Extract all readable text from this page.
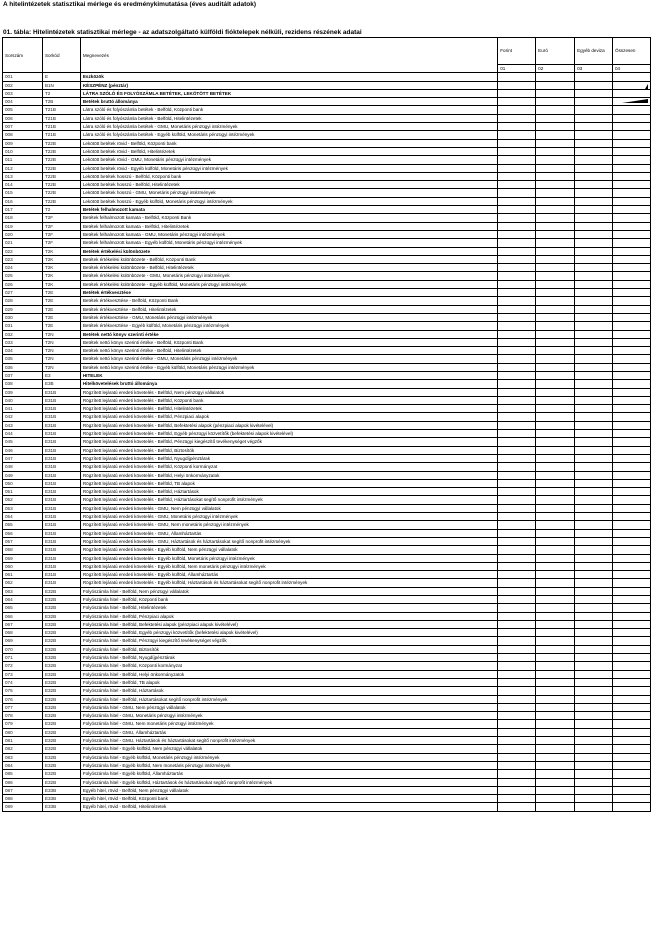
A hitelintézetek statisztikai mérlege és eredménykimutatása (éves auditált adatok)
01. tábla: Hitelintézetek statisztikai mérlege - az adatszolgáltató külföldi fióktelepek nélküli, rezidens részének adatai
Sorszám	Sorkód	Megnevezés	Forint	Euró	Egyéb deviza	Összesen
			01	02	03	04
001	E	Eszközök				
002	B1N	KÉSZPÉNZ (pénztár)				
003	T2	LÁTRA SZÓLÓ ÉS FOLYÓSZÁMLA BETÉTEK, LEKÖTÖTT BETÉTEK				
004	T2B	Betétek bruttó állománya				
005	T21B	Látra szóló és folyószámla betétek - Belföld, Központi bank				
006	T21B	Látra szóló és folyószámla betétek - Belföld, Hitelintézetek				
007	T21B	Látra szóló és folyószámla betétek - GMU, Monetáris pénzügyi intézmények				
008	T21B	Látra szóló és folyószámla betétek - Egyéb külföld, Monetáris pénzügyi intézmények				
009	T22B	Lekötött betétek rövid - Belföld, Központi bank				
010	T22B	Lekötött betétek rövid - Belföld, Hitelintézetek				
011	T22B	Lekötött betétek rövid - GMU, Monetáris pénzügyi intézmények				
012	T22B	Lekötött betétek rövid - Egyéb külföld, Monetáris pénzügyi intézmények				
013	T22B	Lekötött betétek hosszú - Belföld, Központi bank				
014	T22B	Lekötött betétek hosszú - Belföld, Hitelintézetek				
015	T22B	Lekötött betétek hosszú - GMU, Monetáris pénzügyi intézmények				
016	T22B	Lekötött betétek hosszú - Egyéb külföld, Monetáris pénzügyi intézmények				
017	T2	Betétek felhalmozott kamata				
018	T2F	Betétek felhalmozott kamata - Belföld, Központi Bank				
019	T2F	Betétek felhalmozott kamata - Belföld, Hitelintézetek				
020	T2F	Betétek felhalmozott kamata - GMU, Monetáris pénzügyi intézmények				
021	T2F	Betétek felhalmozott kamata - Egyéb külföld, Monetáris pénzügyi intézmények				
022	T2K	Betétek értékelési különbözete				
023	T2K	Betétek értékelési különbözete - Belföld, Központi Bank				
024	T2K	Betétek értékelési különbözete - Belföld, Hitelintézetek				
025	T2K	Betétek értékelési különbözete - GMU, Monetáris pénzügyi intézmények				
026	T2K	Betétek értékelési különbözete - Egyéb külföld, Monetáris pénzügyi intézmények				
027	T2E	Betétek értékvesztése				
028	T2E	Betétek értékvesztése - Belföld, Központi Bank				
029	T2E	Betétek értékvesztése - Belföld, Hitelintézetek				
030	T2E	Betétek értékvesztése - GMU, Monetáris pénzügyi intézmények				
031	T2E	Betétek értékvesztése - Egyéb külföld, Monetáris pénzügyi intézmények				
032	T2N	Betétek nettó könyv szerinti értéke				
033	T2N	Betétek nettó könyv szerinti értéke - Belföld, Központi Bank				
034	T2N	Betétek nettó könyv szerinti értéke - Belföld, Hitelintézetek				
035	T2N	Betétek nettó könyv szerinti értéke - GMU, Monetáris pénzügyi intézmények				
036	T2N	Betétek nettó könyv szerinti értéke - Egyéb külföld, Monetáris pénzügyi intézmények				
037	E3	HITELEK				
038	E3B	Hitelkövetelések bruttó állománya				
039	E31B	Rögzített lejáratú eredeti követelés - Belföld, Nem pénzügyi vállalatok				
040	E31B	Rögzített lejáratú eredeti követelés - Belföld, Központi bank				
041	E31B	Rögzített lejáratú eredeti követelés - Belföld, Hitelintézetek				
042	E31B	Rögzített lejáratú eredeti követelés - Belföld, Pénzpiaci alapok				
043	E31B	Rögzített lejáratú eredeti követelés - Belföld, Befektetési alapok (pénzpiaci alapok kivételével)				
044	E31B	Rögzített lejáratú eredeti követelés - Belföld, Egyéb pénzügyi közvetítők (befektetési alapok kivételével)				
045	E31B	Rögzített lejáratú eredeti követelés - Belföld, Pénzügyi kiegészítő tevékenységet végzők				
046	E31B	Rögzített lejáratú eredeti követelés - Belföld, Biztosítók				
047	E31B	Rögzített lejáratú eredeti követelés - Belföld, Nyugdíjpénztárak				
048	E31B	Rögzített lejáratú eredeti követelés - Belföld, Központi kormányzat				
049	E31B	Rögzített lejáratú eredeti követelés - Belföld, Helyi önkormányzatok				
050	E31B	Rögzített lejáratú eredeti követelés - Belföld, TB alapok				
051	E31B	Rögzített lejáratú eredeti követelés - Belföld, Háztartások				
052	E31B	Rögzített lejáratú eredeti követelés - Belföld, Háztartásokat segítő nonprofit intézmények				
053	E31B	Rögzített lejáratú eredeti követelés - GMU, Nem pénzügyi vállalatok				
054	E31B	Rögzített lejáratú eredeti követelés - GMU, Monetáris pénzügyi intézmények				
055	E31B	Rögzített lejáratú eredeti követelés - GMU, Nem monetáris pénzügyi intézmények				
056	E31B	Rögzített lejáratú eredeti követelés - GMU, Államháztartás				
057	E31B	Rögzített lejáratú eredeti követelés - GMU, Háztartások és háztartásokat segítő nonprofit intézmények				
058	E31B	Rögzített lejáratú eredeti követelés - Egyéb külföld, Nem pénzügyi vállalatok				
059	E31B	Rögzített lejáratú eredeti követelés - Egyéb külföld, Monetáris pénzügyi intézmények				
060	E31B	Rögzített lejáratú eredeti követelés - Egyéb külföld, Nem monetáris pénzügyi intézmények				
061	E31B	Rögzített lejáratú eredeti követelés - Egyéb külföld, Államháztartás				
062	E31B	Rögzített lejáratú eredeti követelés - Egyéb külföld, Háztartások és háztartásokat segítő nonprofit intézmények				
063	E32B	Folyószámla hitel - Belföld, Nem pénzügyi vállalatok				
064	E32B	Folyószámla hitel - Belföld, Központi bank				
065	E32B	Folyószámla hitel - Belföld, Hitelintézetek				
066	E32B	Folyószámla hitel - Belföld, Pénzpiaci alapok				
067	E32B	Folyószámla hitel - Belföld, Befektetési alapok (pénzpiaci alapok kivételével)				
068	E32B	Folyószámla hitel - Belföld, Egyéb pénzügyi közvetítők (befektetési alapok kivételével)				
069	E32B	Folyószámla hitel - Belföld, Pénzügyi kiegészítő tevékenységet végzők				
070	E32B	Folyószámla hitel - Belföld, Biztosítók				
071	E32B	Folyószámla hitel - Belföld, Nyugdíjpénztárak				
072	E32B	Folyószámla hitel - Belföld, Központi kormányzat				
073	E32B	Folyószámla hitel - Belföld, Helyi önkormányzatok				
074	E32B	Folyószámla hitel - Belföld, TB alapok				
075	E32B	Folyószámla hitel - Belföld, Háztartások				
076	E32B	Folyószámla hitel - Belföld, Háztartásokat segítő nonprofit intézmények				
077	E32B	Folyószámla hitel - GMU, Nem pénzügyi vállalatok				
078	E32B	Folyószámla hitel - GMU, Monetáris pénzügyi intézmények				
079	E32B	Folyószámla hitel - GMU, Nem monetáris pénzügyi intézmények				
080	E32B	Folyószámla hitel - GMU, Államháztartás				
081	E32B	Folyószámla hitel - GMU, Háztartások és háztartásokat segítő nonprofit intézmények				
082	E32B	Folyószámla hitel - Egyéb külföld, Nem pénzügyi vállalatok				
083	E32B	Folyószámla hitel - Egyéb külföld, Monetáris pénzügyi intézmények				
084	E32B	Folyószámla hitel - Egyéb külföld, Nem monetáris pénzügyi intézmények				
085	E32B	Folyószámla hitel - Egyéb külföld, Államháztartás				
086	E32B	Folyószámla hitel - Egyéb külföld, Háztartások és háztartásokat segítő nonprofit intézmények				
087	E33B	Egyéb hitel, rövid - Belföld, Nem pénzügyi vállalatok				
088	E33B	Egyéb hitel, rövid - Belföld, Központi bank				
089	E33B	Egyéb hitel, rövid - Belföld, Hitelintézetek				
